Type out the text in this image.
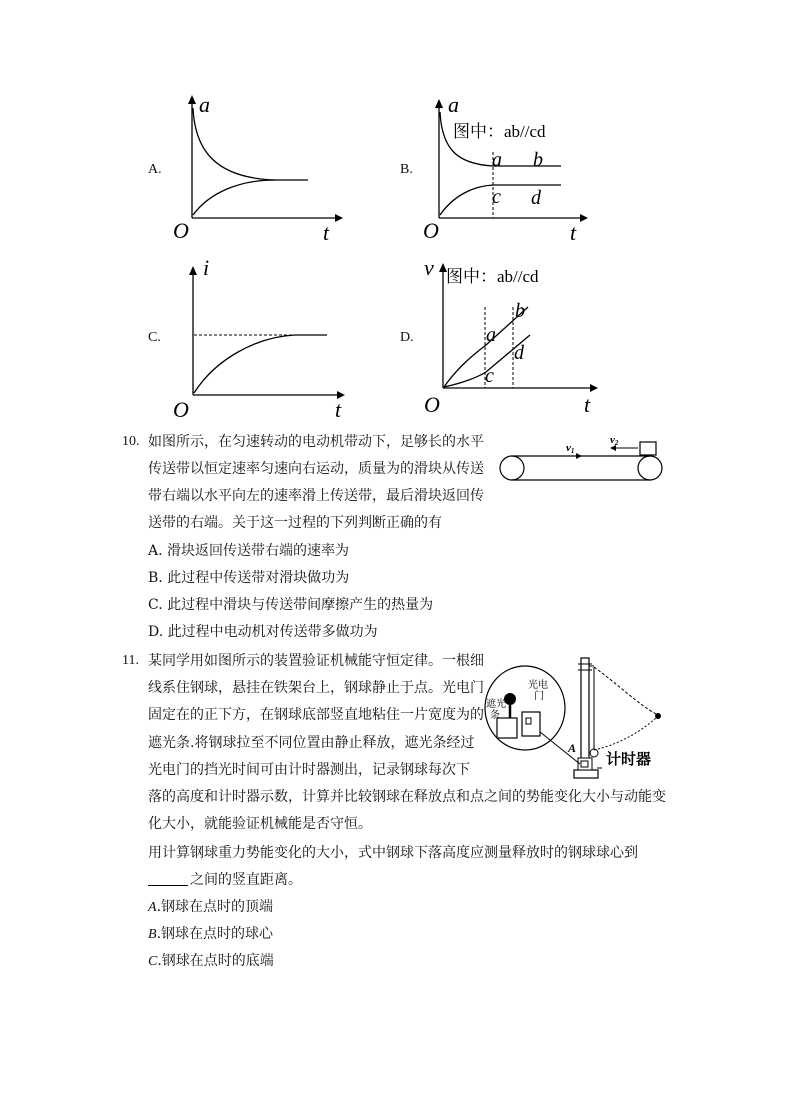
A.
a
O	t
B.
a
图中：ab//cd
a b
c d
O	t
C.
i
O	t
D.
v 图中：ab//cd
a
b
c
d
O	t
10. 如图所示，在匀速转动的电动机带动下，足够长的水平
传送带以恒定速率匀速向右运动，质量为的滑块从传送
带右端以水平向左的速率滑上传送带，最后滑块返回传
送带的右端。关于这一过程的下列判断正确的有
A. 滑块返回传送带右端的速率为
B. 此过程中传送带对滑块做功为
C. 此过程中滑块与传送带间摩擦产生的热量为
D. 此过程中电动机对传送带多做功为
v1
v2
11. 某同学用如图所示的装置验证机械能守恒定律。一根细
线系住钢球，悬挂在铁架台上，钢球静止于点。光电门
固定在的正下方，在钢球底部竖直地粘住一片宽度为的
遮光条.将钢球拉至不同位置由静止释放，遮光条经过
光电门的挡光时间可由计时器测出，记录钢球每次下
落的高度和计时器示数，计算并比较钢球在释放点和点之间的势能变化大小与动能变
化大小，就能验证机械能是否守恒。
用计算钢球重力势能变化的大小，式中钢球下落高度应测量释放时的钢球球心到
之间的竖直距离。
A.钢球在点时的顶端
B.钢球在点时的球心
C.钢球在点时的底端
遮光条
光电门
A
计时器
